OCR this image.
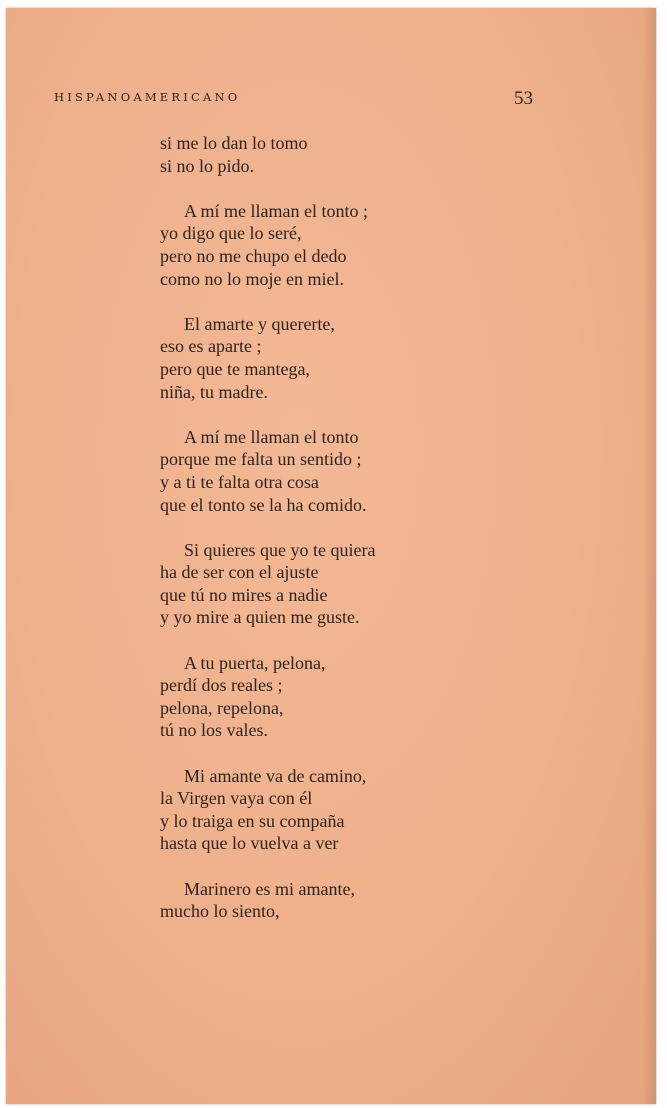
HISPANOAMERICANO	53
si me lo dan lo tomo
si no lo pido.
A mí me llaman el tonto ;
yo digo que lo seré,
pero no me chupo el dedo
como no lo moje en miel.
El amarte y quererte,
eso es aparte ;
pero que te mantega,
niña, tu madre.
A mí me llaman el tonto
porque me falta un sentido ;
y a ti te falta otra cosa
que el tonto se la ha comido.
Si quieres que yo te quiera
ha de ser con el ajuste
que tú no mires a nadie
y yo mire a quien me guste.
A tu puerta, pelona,
perdí dos reales ;
pelona, repelona,
tú no los vales.
Mi amante va de camino,
la Virgen vaya con él
y lo traiga en su compaña
hasta que lo vuelva a ver
Marinero es mi amante,
mucho lo siento,
